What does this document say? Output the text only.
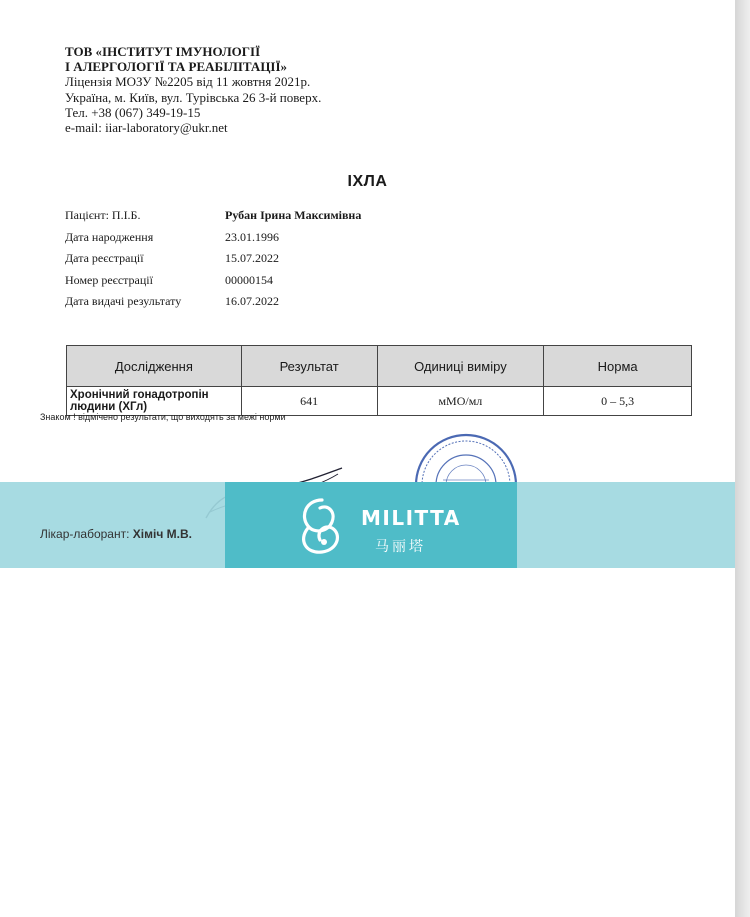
ТОВ «ІНСТИТУТ ІМУНОЛОГІЇ
І АЛЕРГОЛОГІЇ ТА РЕАБІЛІТАЦІЇ»
Ліцензія МОЗУ №2205 від 11 жовтня 2021р.
Україна, м. Київ, вул. Турівська 26 3-й поверх.
Тел. +38 (067) 349-19-15
e-mail: iiar-laboratory@ukr.net
ІХЛА
Пацієнт: П.І.Б.	Рубан Ірина Максимівна
Дата народження	23.01.1996
Дата реєстрації	15.07.2022
Номер реєстрації	00000154
Дата видачі результату	16.07.2022
Дослідження	Результат	Одиниці виміру	Норма

Хронічний гонадотропін
людини (ХГл)	641	мМО/мл	0 – 5,3
Знаком ! відмічено результати, що виходять за межі норми
MILITTA
马丽塔
Лікар-лаборант: Хіміч М.В.
